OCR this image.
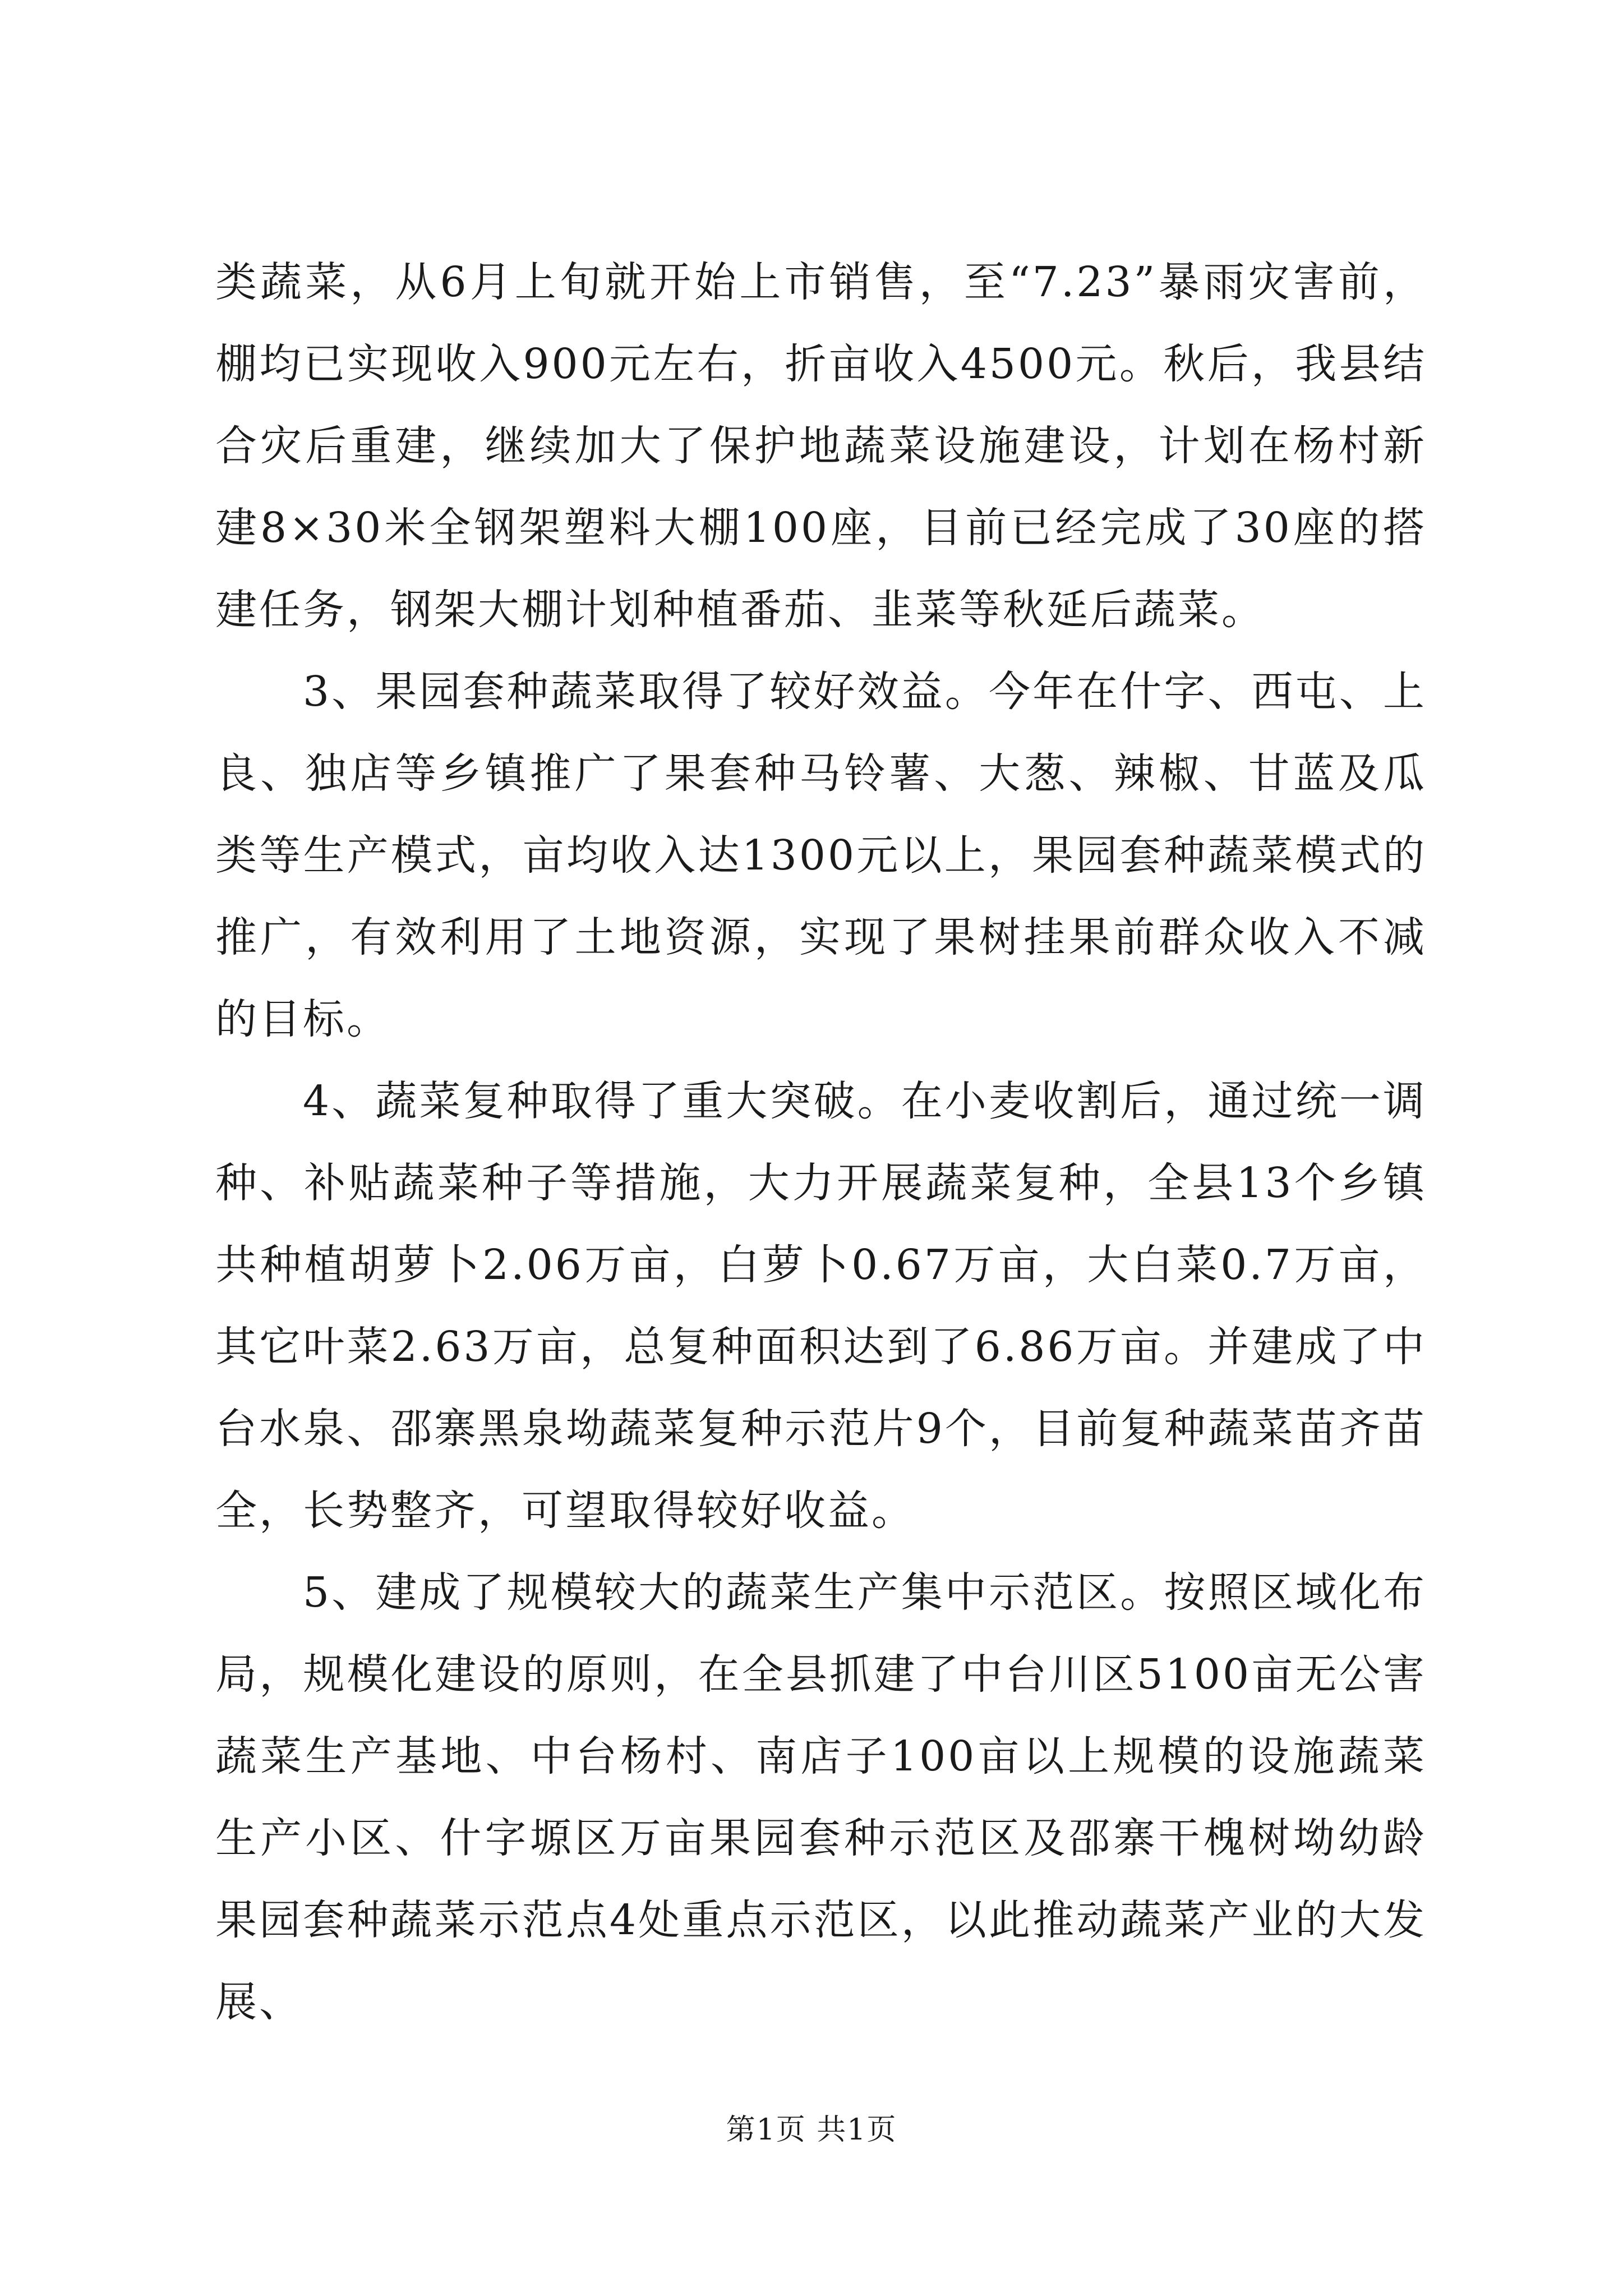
类蔬菜，从6月上旬就开始上市销售，至“7.23”暴雨灾害前，棚均已实现收入900元左右，折亩收入4500元。秋后，我县结合灾后重建，继续加大了保护地蔬菜设施建设，计划在杨村新建8×30米全钢架塑料大棚100座，目前已经完成了30座的搭建任务，钢架大棚计划种植番茄、韭菜等秋延后蔬菜。

3、果园套种蔬菜取得了较好效益。今年在什字、西屯、上良、独店等乡镇推广了果套种马铃薯、大葱、辣椒、甘蓝及瓜类等生产模式，亩均收入达1300元以上，果园套种蔬菜模式的推广，有效利用了土地资源，实现了果树挂果前群众收入不减的目标。

4、蔬菜复种取得了重大突破。在小麦收割后，通过统一调种、补贴蔬菜种子等措施，大力开展蔬菜复种，全县13个乡镇共种植胡萝卜2.06万亩，白萝卜0.67万亩，大白菜0.7万亩，其它叶菜2.63万亩，总复种面积达到了6.86万亩。并建成了中台水泉、邵寨黑泉坳蔬菜复种示范片9个，目前复种蔬菜苗齐苗全，长势整齐，可望取得较好收益。

5、建成了规模较大的蔬菜生产集中示范区。按照区域化布局，规模化建设的原则，在全县抓建了中台川区5100亩无公害蔬菜生产基地、中台杨村、南店子100亩以上规模的设施蔬菜生产小区、什字塬区万亩果园套种示范区及邵寨干槐树坳幼龄果园套种蔬菜示范点4处重点示范区，以此推动蔬菜产业的大发展、

第1页 共1页
